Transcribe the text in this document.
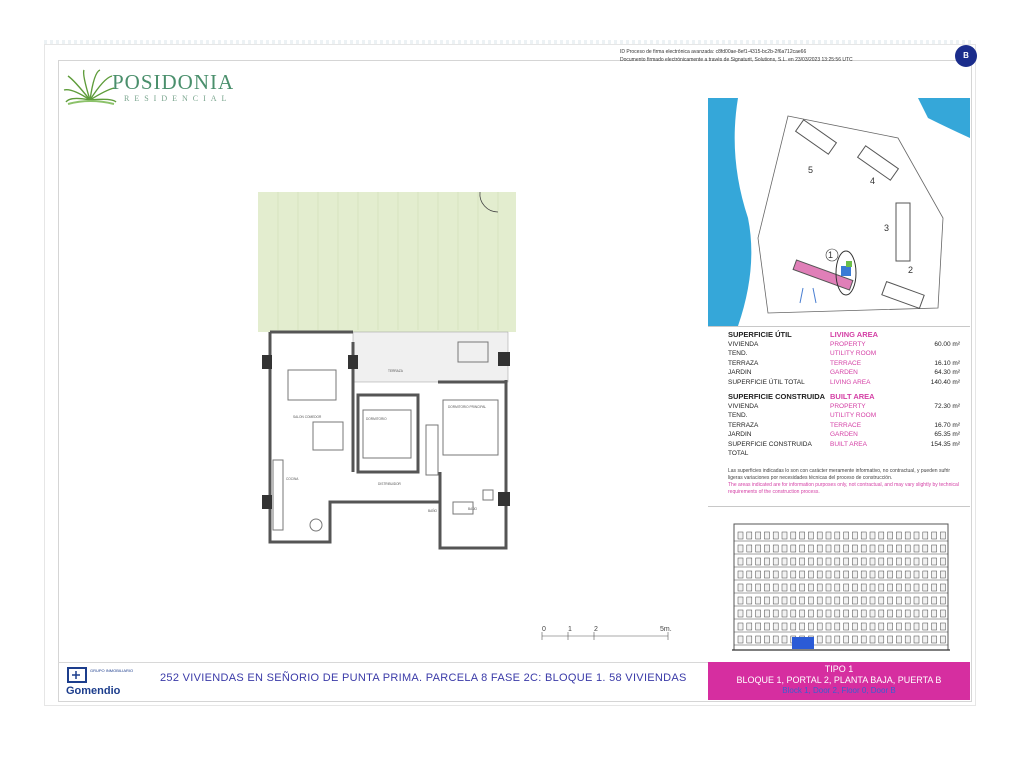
ID Proceso de firma electrónica avanzada: c8fd00ae-8ef1-4315-bc2b-2f6a712cae66
Documento firmado electrónicamente a través de Signaturit, Solutions, S.L. en 23/03/2023 13:25:56 UTC	B
POSIDONIA
RESIDENCIAL
TERRAZA
SALON COMEDOR	DORMITORIO
DORMITORIO PRINCIPAL
COCINA
DISTRIBUIDOR
BAÑO	BAÑO
0	1	2	5m.
1
2
3
4
5
SUPERFICIE ÚTIL	LIVING AREA
VIVIENDA	PROPERTY	60.00 m²
TEND.	UTILITY ROOM
TERRAZA	TERRACE	16.10 m²
JARDIN	GARDEN	64.30 m²
SUPERFICIE ÚTIL TOTAL	LIVING AREA	140.40 m²
SUPERFICIE CONSTRUIDA BUILT AREA
VIVIENDA	PROPERTY	72.30 m²
TEND.	UTILITY ROOM
TERRAZA	TERRACE	16.70 m²
JARDIN	GARDEN	65.35 m²
SUPERFICIE CONSTRUIDA TOTAL
BUILT AREA	154.35 m²
Las superficies indicadas lo son con carácter meramente informativo, no contractual, y pueden sufrir ligeras variaciones por necesidades técnicas del proceso de construcción.
The areas indicated are for information purposes only, not contractual, and may vary slightly by technical requirements of the construction process.
GRUPO INMOBILIARIO
Gomendio
252 VIVIENDAS EN SEÑORIO DE PUNTA PRIMA. PARCELA 8 FASE 2C: BLOQUE 1. 58 VIVIENDAS
TIPO 1
BLOQUE 1, PORTAL 2, PLANTA BAJA, PUERTA B
Block 1, Door 2, Floor 0, Door B
